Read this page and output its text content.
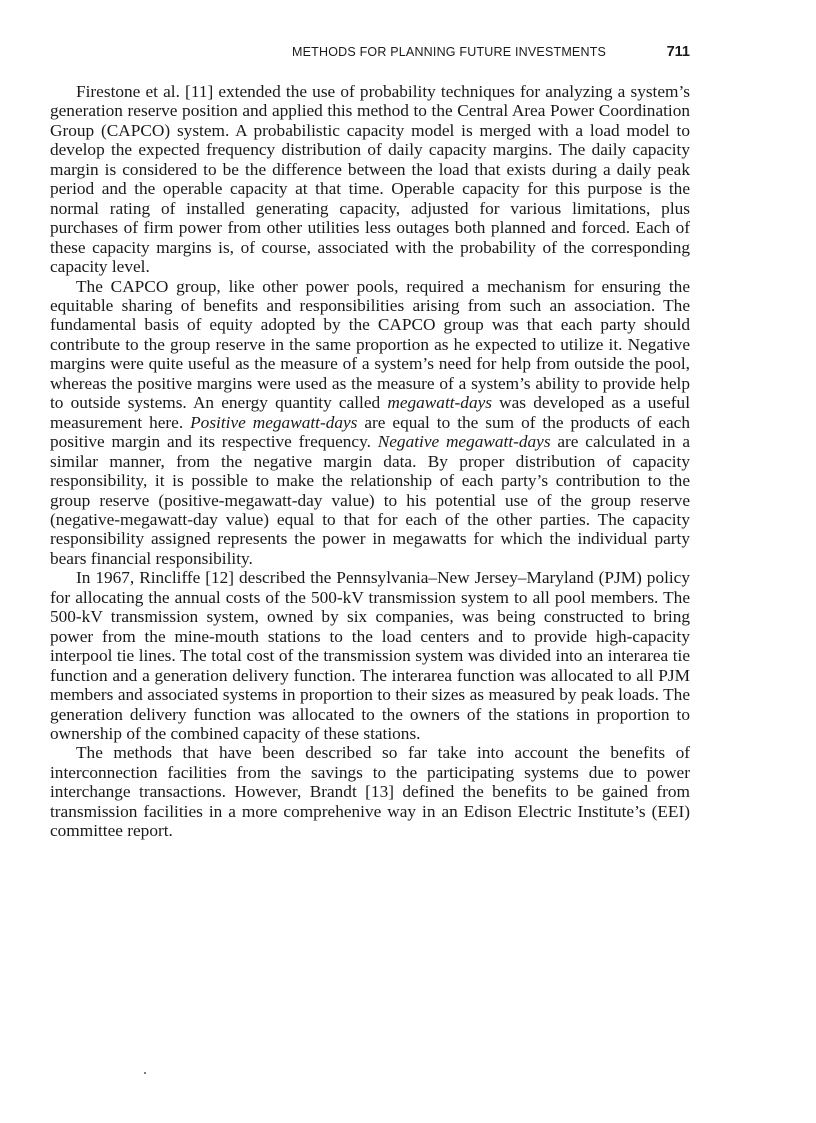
METHODS FOR PLANNING FUTURE INVESTMENTS	711

Firestone et al. [11] extended the use of probability techniques for analyzing a system’s generation reserve position and applied this method to the Central Area Power Coordination Group (CAPCO) system. A probabilistic capacity model is merged with a load model to develop the expected frequency distribution of daily capacity margins. The daily capacity margin is considered to be the difference between the load that exists during a daily peak period and the operable capacity at that time. Operable capacity for this purpose is the normal rating of installed generating capacity, adjusted for various limitations, plus purchases of firm power from other utilities less outages both planned and forced. Each of these capacity margins is, of course, associated with the probability of the corresponding capacity level.

The CAPCO group, like other power pools, required a mechanism for ensuring the equitable sharing of benefits and responsibilities arising from such an association. The fundamental basis of equity adopted by the CAPCO group was that each party should contribute to the group reserve in the same proportion as he expected to utilize it. Negative margins were quite useful as the measure of a system’s need for help from outside the pool, whereas the positive margins were used as the measure of a system’s ability to provide help to outside systems. An energy quantity called megawatt-days was developed as a useful measurement here. Positive megawatt-days are equal to the sum of the products of each positive margin and its respective frequency. Negative megawatt-days are calculated in a similar manner, from the negative margin data. By proper distribution of capacity responsibility, it is possible to make the relationship of each party’s contribution to the group reserve (positive-megawatt-day value) to his potential use of the group reserve (negative-megawatt-day value) equal to that for each of the other parties. The capacity responsibility assigned represents the power in megawatts for which the individual party bears financial responsibility.

In 1967, Rincliffe [12] described the Pennsylvania–New Jersey–Maryland (PJM) policy for allocating the annual costs of the 500-kV transmission system to all pool members. The 500-kV transmission system, owned by six companies, was being constructed to bring power from the mine-mouth stations to the load centers and to provide high-capacity interpool tie lines. The total cost of the transmission system was divided into an interarea tie function and a generation delivery function. The interarea function was allocated to all PJM members and associated systems in proportion to their sizes as measured by peak loads. The generation delivery function was allocated to the owners of the stations in proportion to ownership of the combined capacity of these stations.

The methods that have been described so far take into account the benefits of interconnection facilities from the savings to the participating systems due to power interchange transactions. However, Brandt [13] defined the benefits to be gained from transmission facilities in a more comprehenive way in an Edison Electric Institute’s (EEI) committee report.
